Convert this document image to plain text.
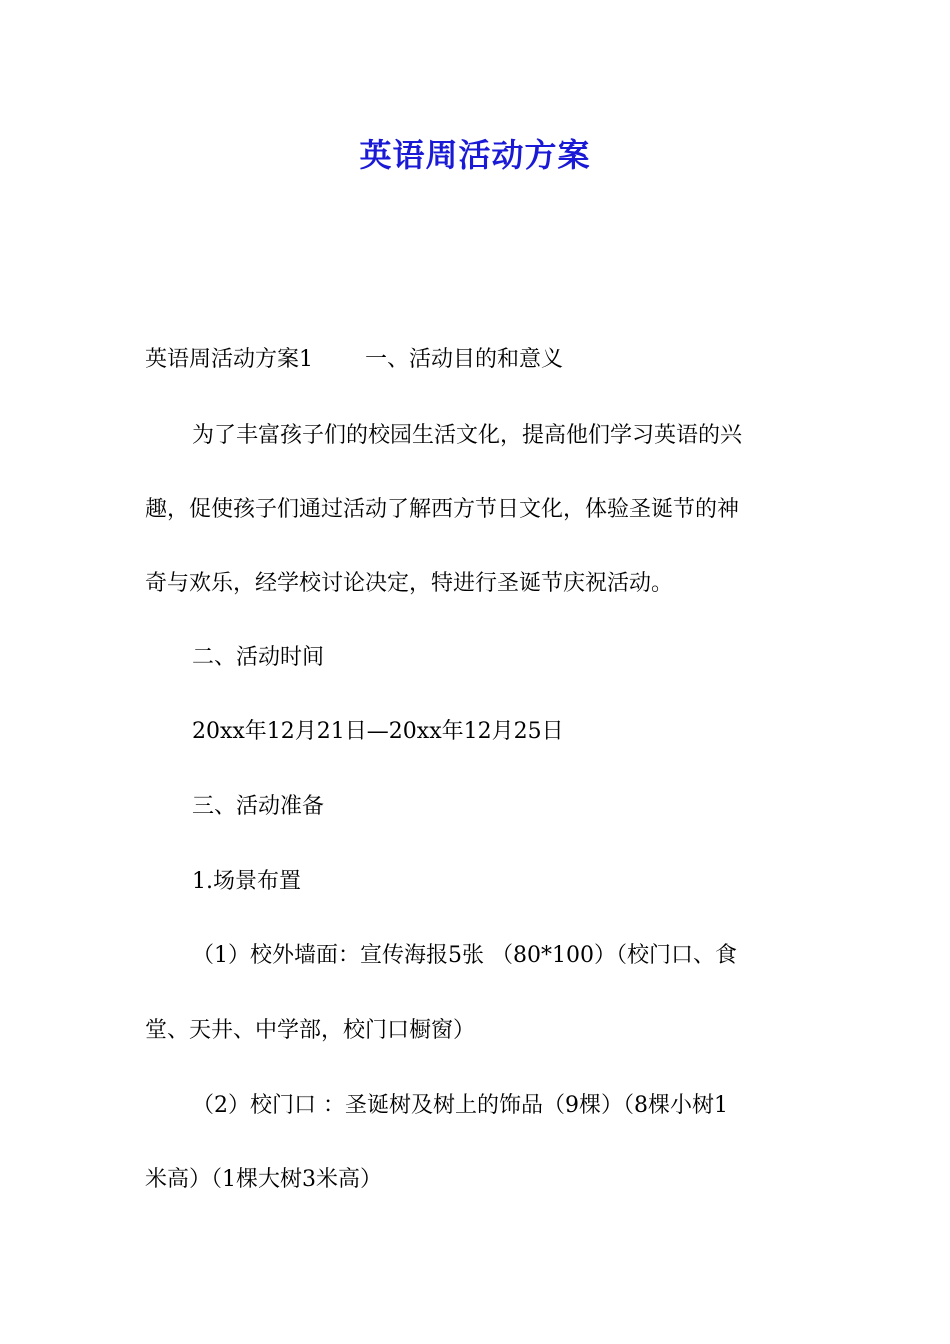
英语周活动方案
英语周活动方案1 一、活动目的和意义
为了丰富孩子们的校园生活文化，提高他们学习英语的兴
趣，促使孩子们通过活动了解西方节日文化，体验圣诞节的神
奇与欢乐，经学校讨论决定，特进行圣诞节庆祝活动。
二、活动时间
20xx年12月21日—20xx年12月25日
三、活动准备
1.场景布置
（1）校外墙面：宣传海报5张 （80*100）（校门口、食
堂、天井、中学部，校门口橱窗）
（2）校门口 ：圣诞树及树上的饰品（9棵）（8棵小树1
米高）（1棵大树3米高）
